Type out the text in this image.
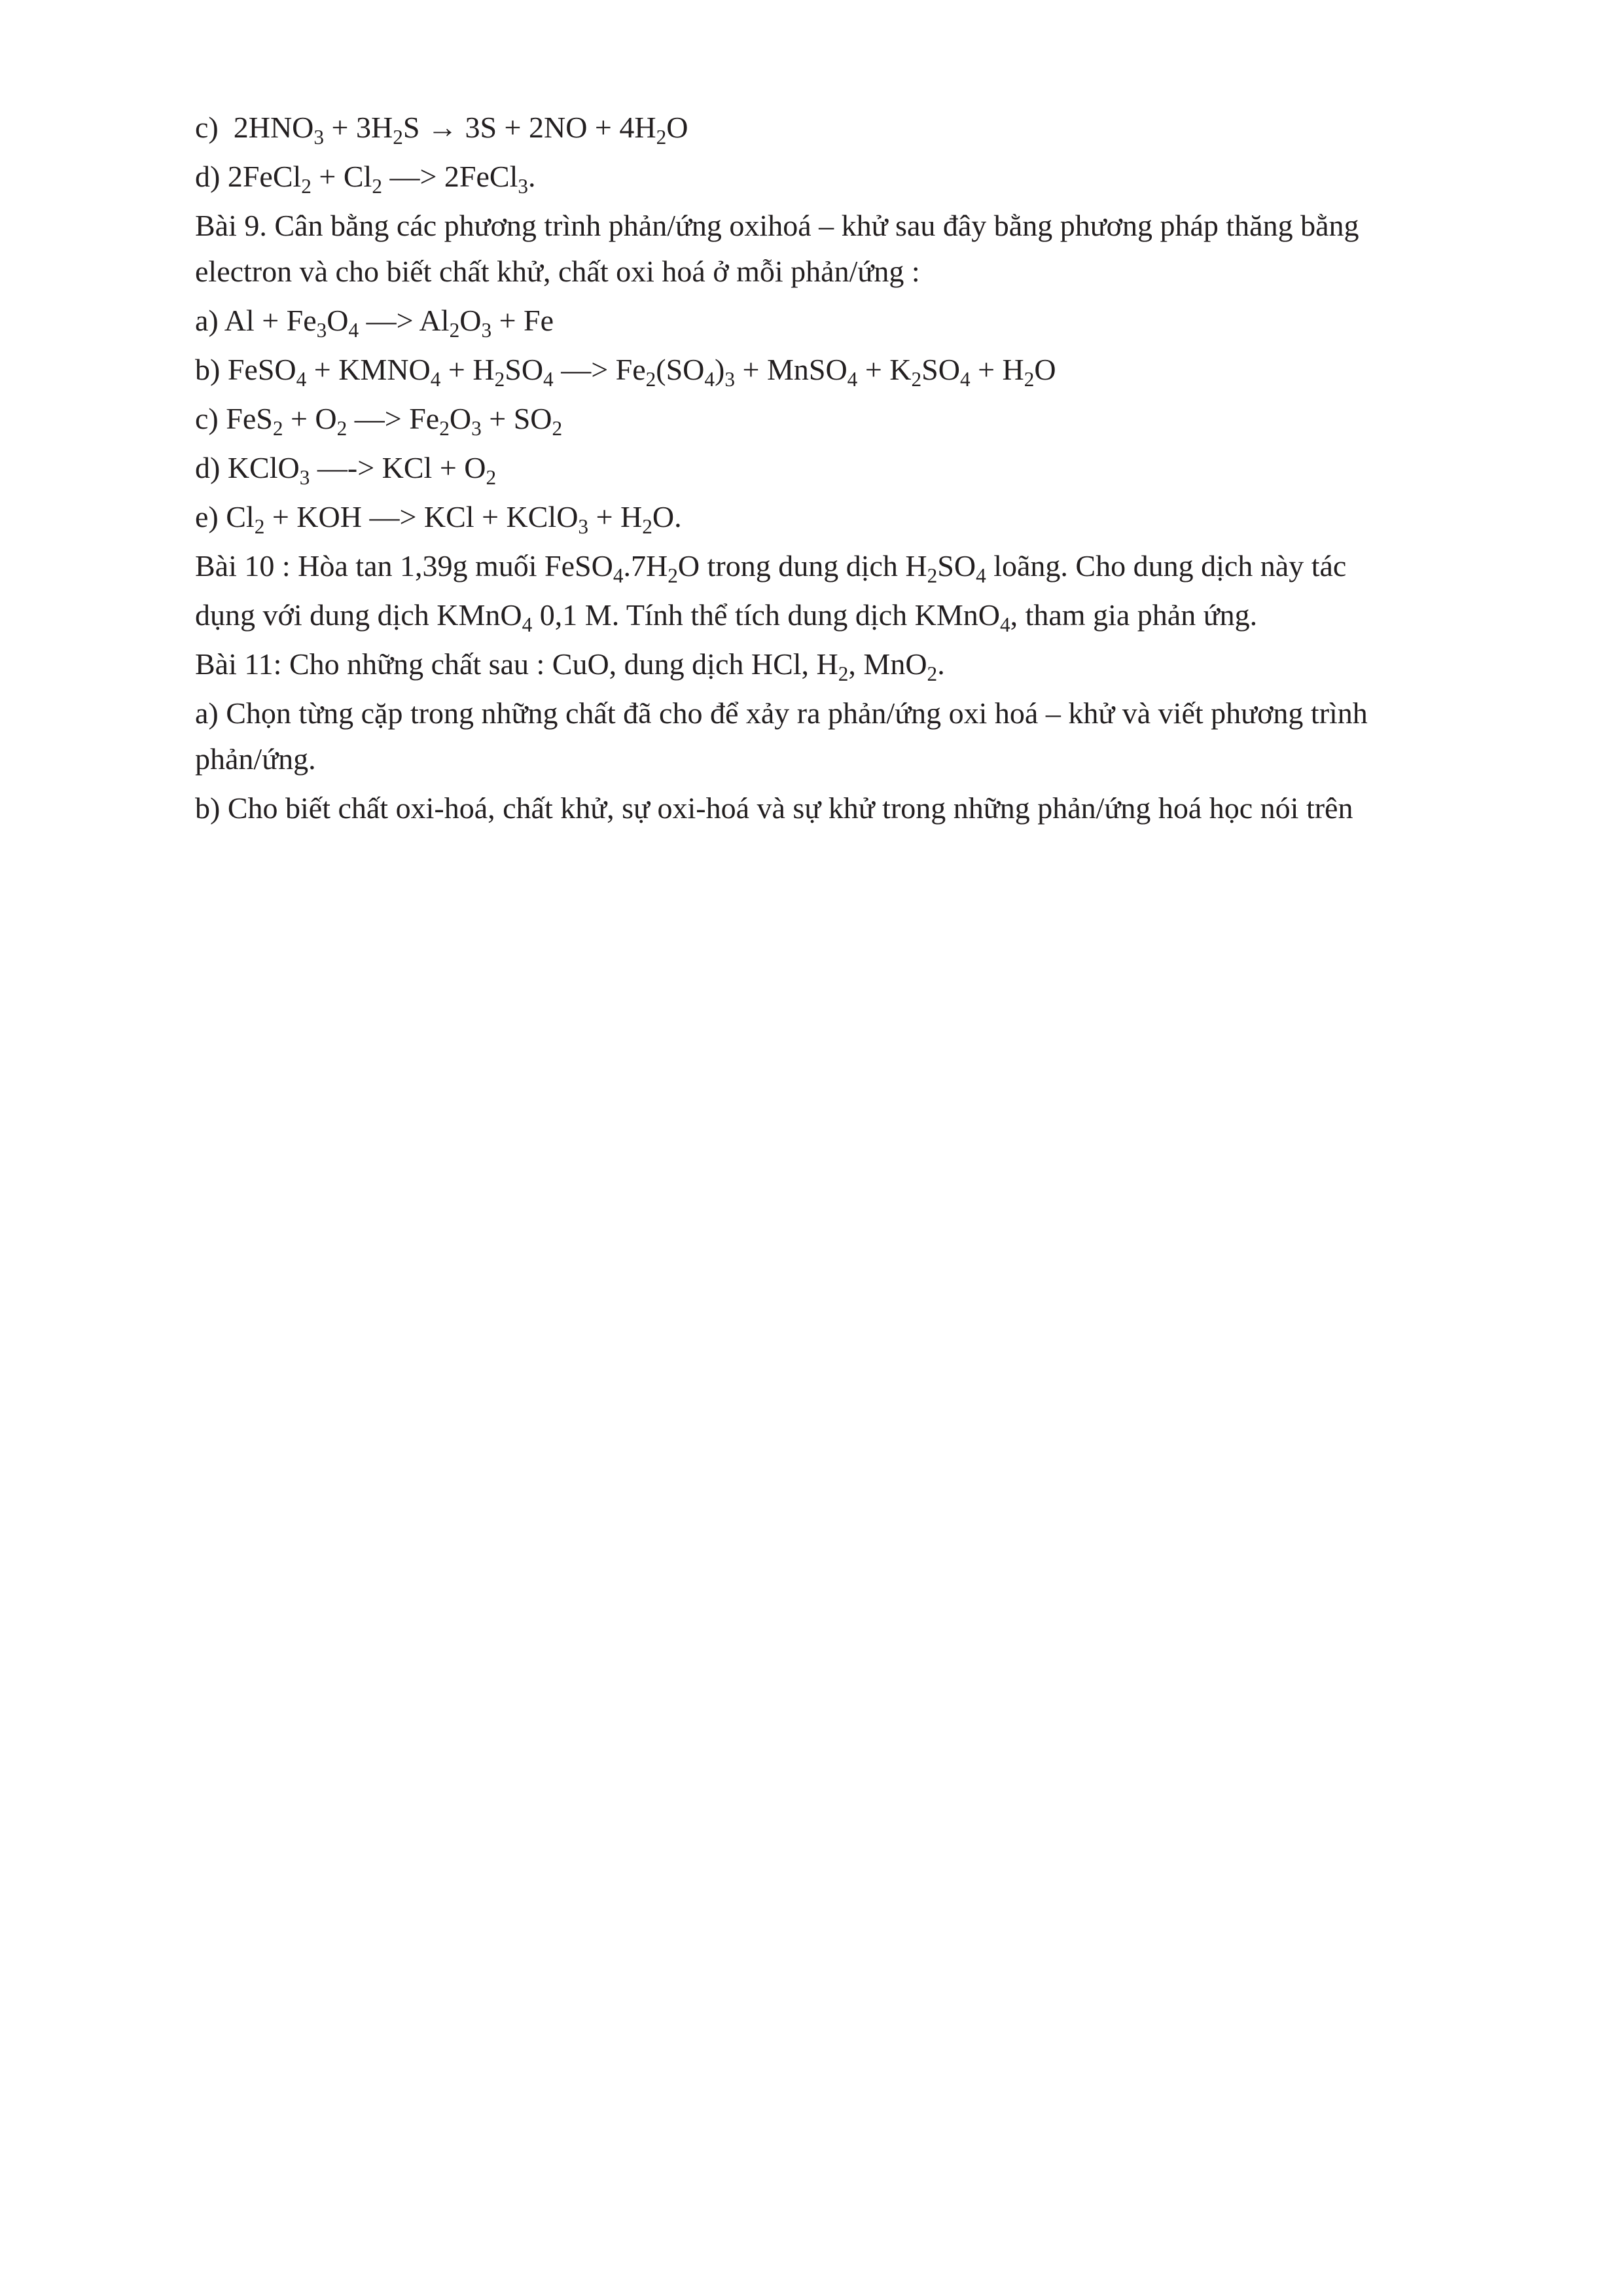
c)  $2HNO_3 + 3H_2S \to 3S + 2NO + 4H_2O$
d) 2FeCl$_2$ + $Cl_2$ —> 2FeCl$_3$.
Bài 9. Cân bằng các phương trình phản/ứng oxihoá – khử sau đây bằng phương pháp thăng bằng
electron và cho biết chất khử, chất oxi hoá ở mỗi phản/ứng :
a) $Al + Fe_3O_4$ —> $Al_2O_3 + Fe$
b) FeSO$_4$ + $KMNO_4 + H_2SO_4$ —> $Fe_2(SO_4)_3$ + MnSO$_4$ + $K_2SO_4 + H_2O$
c) $FeS_2 + O_2$ —> $Fe_2O_3 + SO_2$
d) KClO$_3$ —-> KCl + $O_2$
e) $Cl_2$ + KOH —> KCl + KClO$_3$ + $H_2O$.
Bài 10 : Hòa tan 1,39g muối $FeSO_4.7H_2O$ trong dung dịch $H_2SO_4$ loãng. Cho dung dịch này tác
dụng với dung dịch KMnO$_4$ 0,1 M. Tính thể tích dung dịch KMnO$_4$, tham gia phản ứng.
Bài 11: Cho những chất sau : CuO, dung dịch HCl, $H_2$, MnO$_2$.
a) Chọn từng cặp trong những chất đã cho để xảy ra phản/ứng oxi hoá – khử và viết phương trình
phản/ứng.
b) Cho biết chất oxi-hoá, chất khử, sự oxi-hoá và sự khử trong những phản/ứng hoá học nói trên
